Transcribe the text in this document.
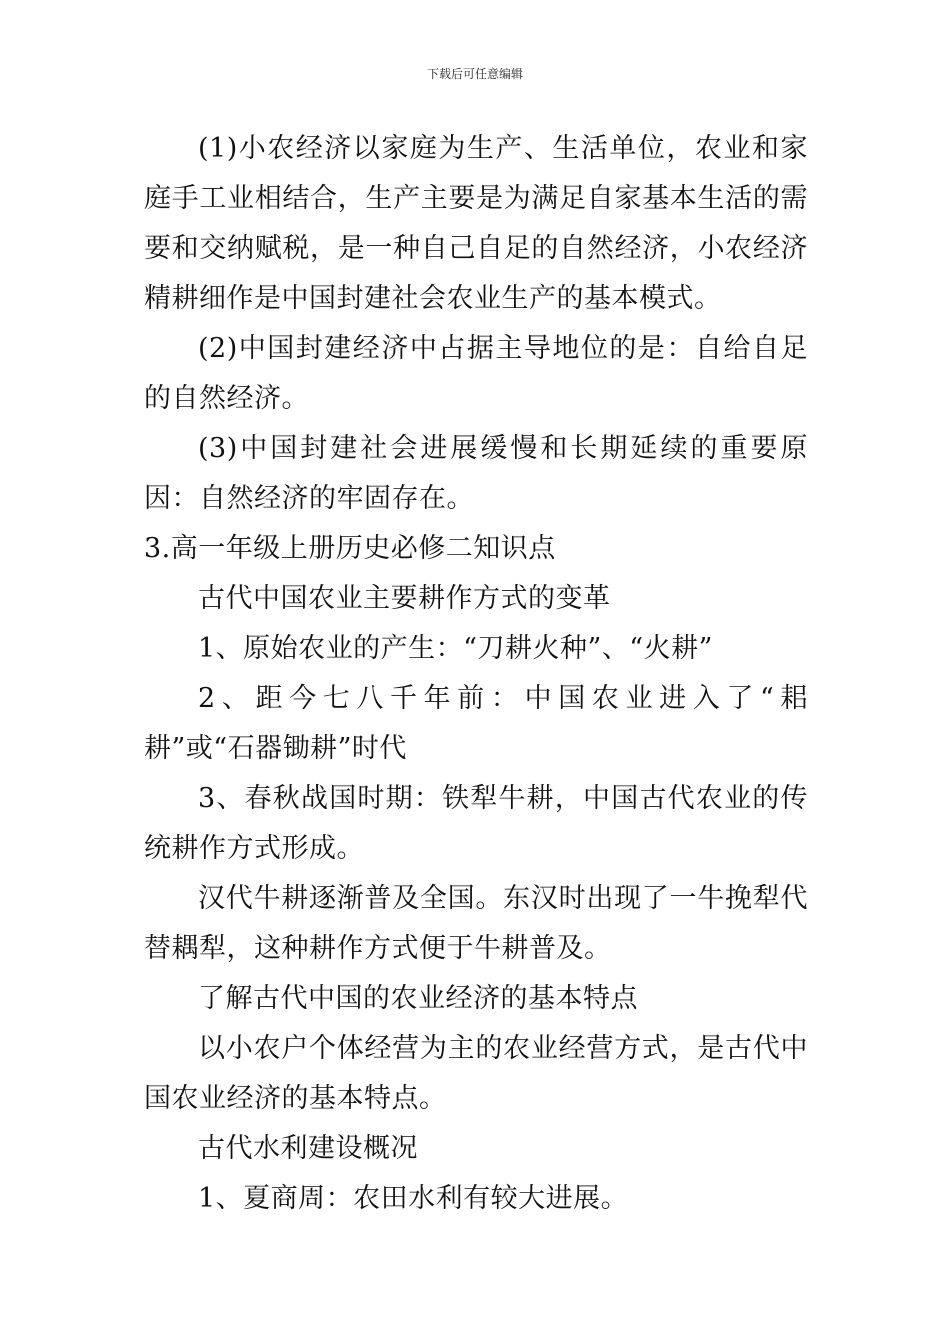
下载后可任意编辑

(1)小农经济以家庭为生产、生活单位，农业和家庭手工业相结合，生产主要是为满足自家基本生活的需要和交纳赋税，是一种自己自足的自然经济，小农经济精耕细作是中国封建社会农业生产的基本模式。

(2)中国封建经济中占据主导地位的是：自给自足的自然经济。

(3)中国封建社会进展缓慢和长期延续的重要原因：自然经济的牢固存在。

3.高一年级上册历史必修二知识点

古代中国农业主要耕作方式的变革

1、原始农业的产生：“刀耕火种”、“火耕”

2、距今七八千年前：中国农业进入了“耜耕”或“石器锄耕”时代

3、春秋战国时期：铁犁牛耕，中国古代农业的传统耕作方式形成。

汉代牛耕逐渐普及全国。东汉时出现了一牛挽犁代替耦犁，这种耕作方式便于牛耕普及。

了解古代中国的农业经济的基本特点

以小农户个体经营为主的农业经营方式，是古代中国农业经济的基本特点。

古代水利建设概况

1、夏商周：农田水利有较大进展。
